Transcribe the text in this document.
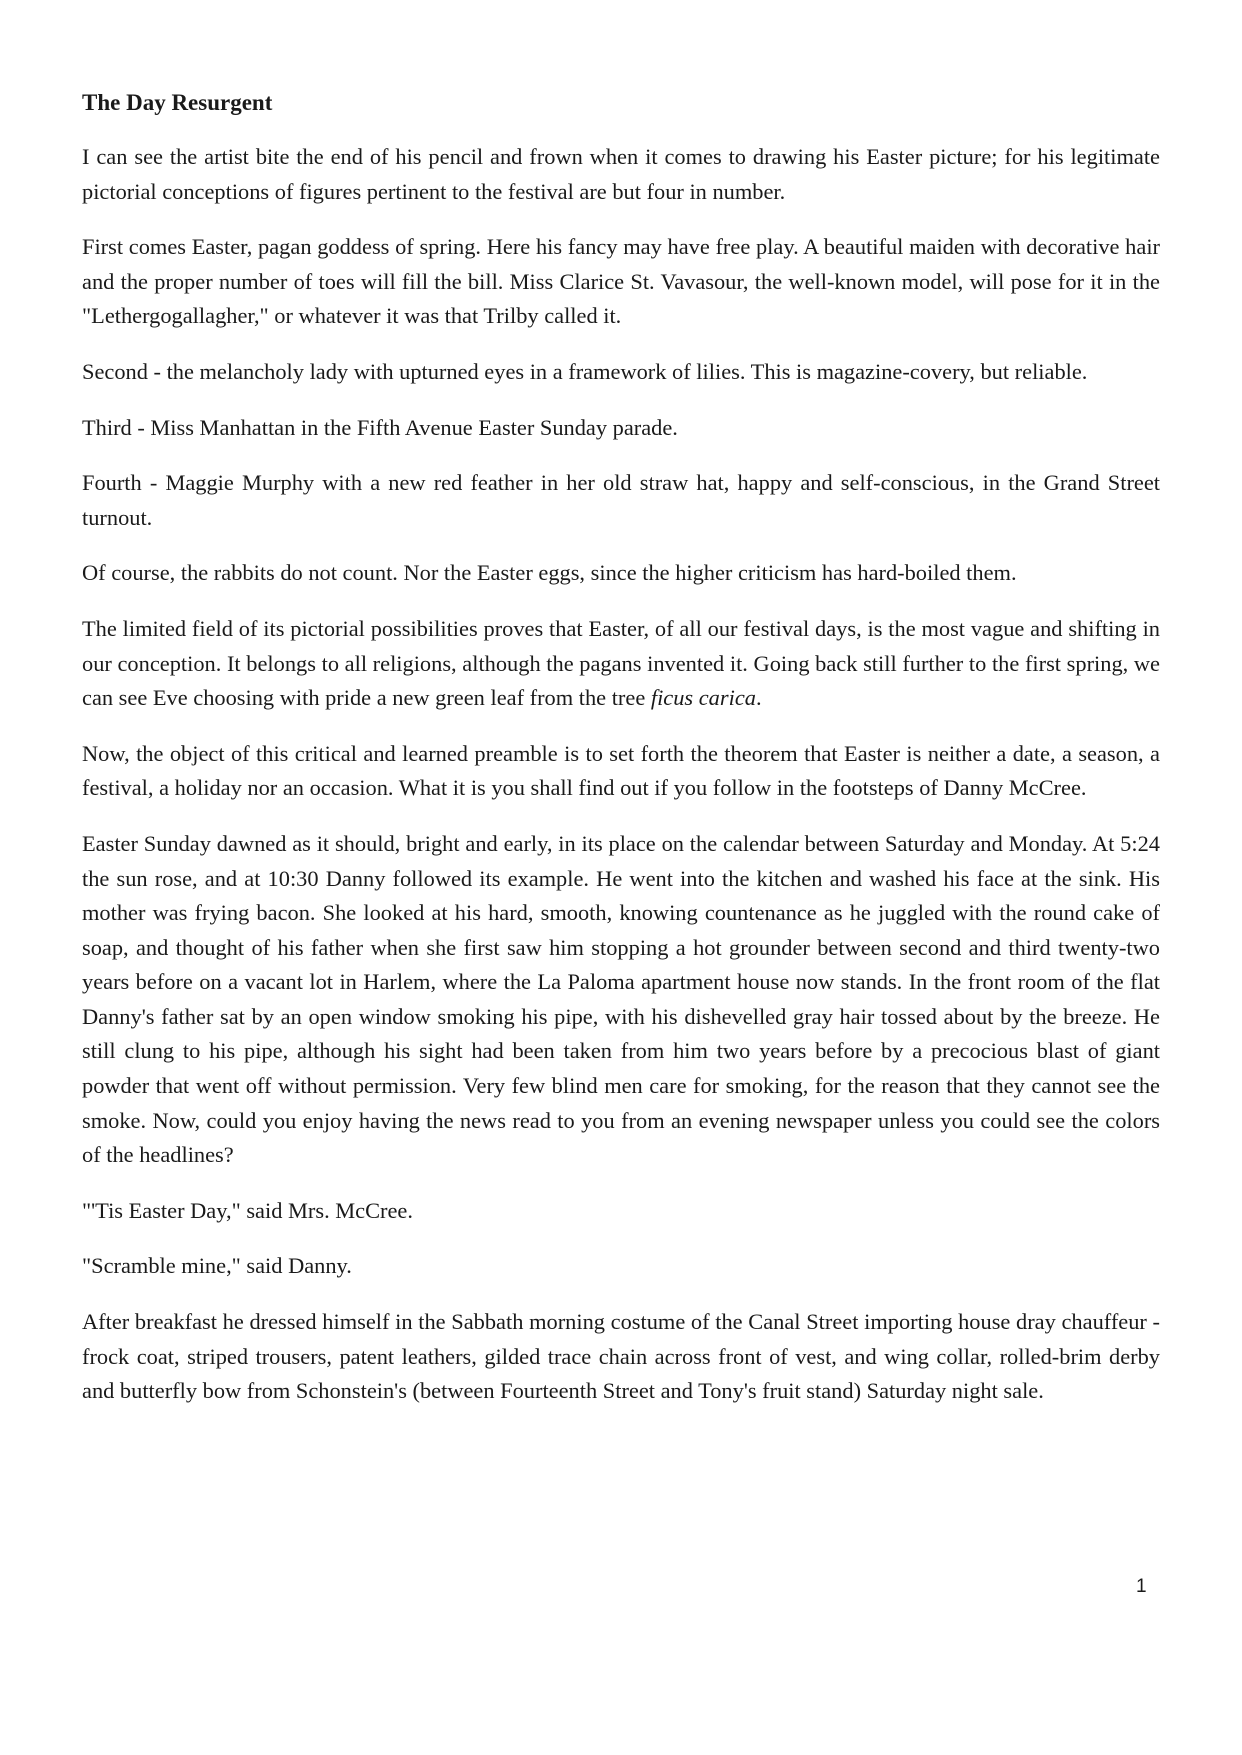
The Day Resurgent

I can see the artist bite the end of his pencil and frown when it comes to drawing his Easter picture; for his legitimate pictorial conceptions of figures pertinent to the festival are but four in number.

First comes Easter, pagan goddess of spring. Here his fancy may have free play. A beautiful maiden with decorative hair and the proper number of toes will fill the bill. Miss Clarice St. Vavasour, the well-known model, will pose for it in the "Lethergogallagher," or whatever it was that Trilby called it.

Second - the melancholy lady with upturned eyes in a framework of lilies. This is magazine-covery, but reliable.

Third - Miss Manhattan in the Fifth Avenue Easter Sunday parade.

Fourth - Maggie Murphy with a new red feather in her old straw hat, happy and self-conscious, in the Grand Street turnout.

Of course, the rabbits do not count. Nor the Easter eggs, since the higher criticism has hard-boiled them.

The limited field of its pictorial possibilities proves that Easter, of all our festival days, is the most vague and shifting in our conception. It belongs to all religions, although the pagans invented it. Going back still further to the first spring, we can see Eve choosing with pride a new green leaf from the tree ficus carica.

Now, the object of this critical and learned preamble is to set forth the theorem that Easter is neither a date, a season, a festival, a holiday nor an occasion. What it is you shall find out if you follow in the footsteps of Danny McCree.

Easter Sunday dawned as it should, bright and early, in its place on the calendar between Saturday and Monday. At 5:24 the sun rose, and at 10:30 Danny followed its example. He went into the kitchen and washed his face at the sink. His mother was frying bacon. She looked at his hard, smooth, knowing countenance as he juggled with the round cake of soap, and thought of his father when she first saw him stopping a hot grounder between second and third twenty-two years before on a vacant lot in Harlem, where the La Paloma apartment house now stands. In the front room of the flat Danny's father sat by an open window smoking his pipe, with his dishevelled gray hair tossed about by the breeze. He still clung to his pipe, although his sight had been taken from him two years before by a precocious blast of giant powder that went off without permission. Very few blind men care for smoking, for the reason that they cannot see the smoke. Now, could you enjoy having the news read to you from an evening newspaper unless you could see the colors of the headlines?

"'Tis Easter Day," said Mrs. McCree.

"Scramble mine," said Danny.

After breakfast he dressed himself in the Sabbath morning costume of the Canal Street importing house dray chauffeur - frock coat, striped trousers, patent leathers, gilded trace chain across front of vest, and wing collar, rolled-brim derby and butterfly bow from Schonstein's (between Fourteenth Street and Tony's fruit stand) Saturday night sale.

1
